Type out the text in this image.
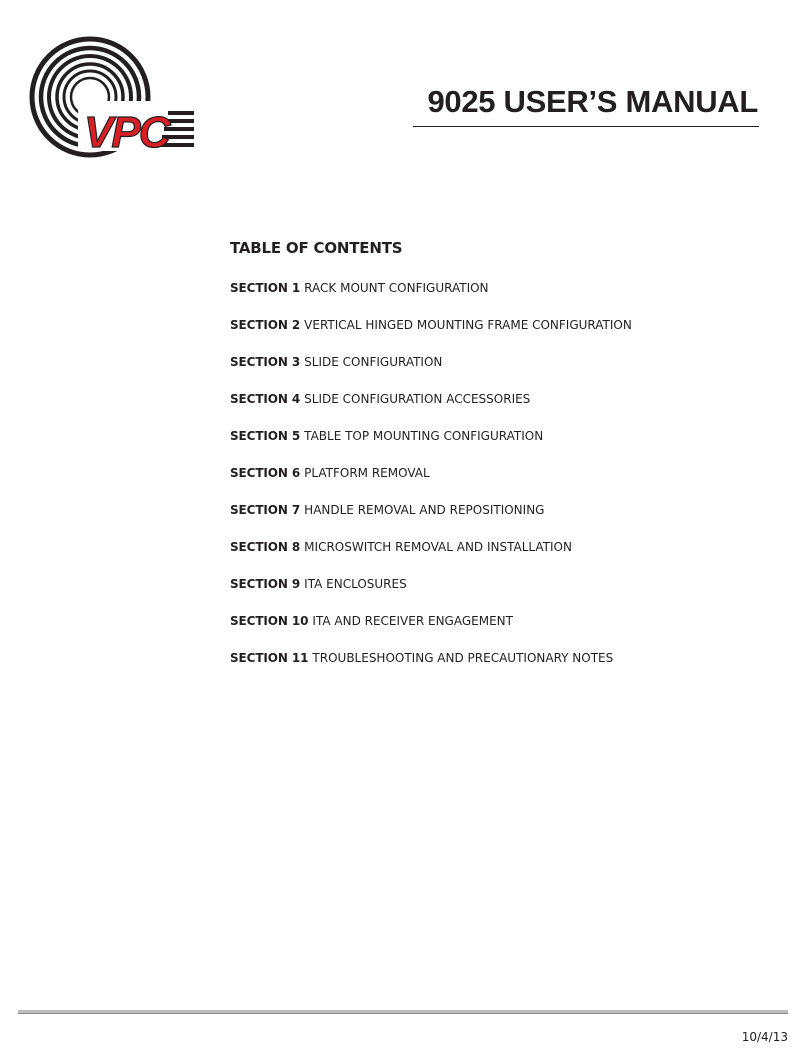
VPC
9025 USER’S MANUAL
TABLE OF CONTENTS
SECTION 1 RACK MOUNT CONFIGURATION
SECTION 2 VERTICAL HINGED MOUNTING FRAME CONFIGURATION
SECTION 3 SLIDE CONFIGURATION
SECTION 4 SLIDE CONFIGURATION ACCESSORIES
SECTION 5 TABLE TOP MOUNTING CONFIGURATION
SECTION 6 PLATFORM REMOVAL
SECTION 7 HANDLE REMOVAL AND REPOSITIONING
SECTION 8 MICROSWITCH REMOVAL AND INSTALLATION
SECTION 9 ITA ENCLOSURES
SECTION 10 ITA AND RECEIVER ENGAGEMENT
SECTION 11 TROUBLESHOOTING AND PRECAUTIONARY NOTES
10/4/13
